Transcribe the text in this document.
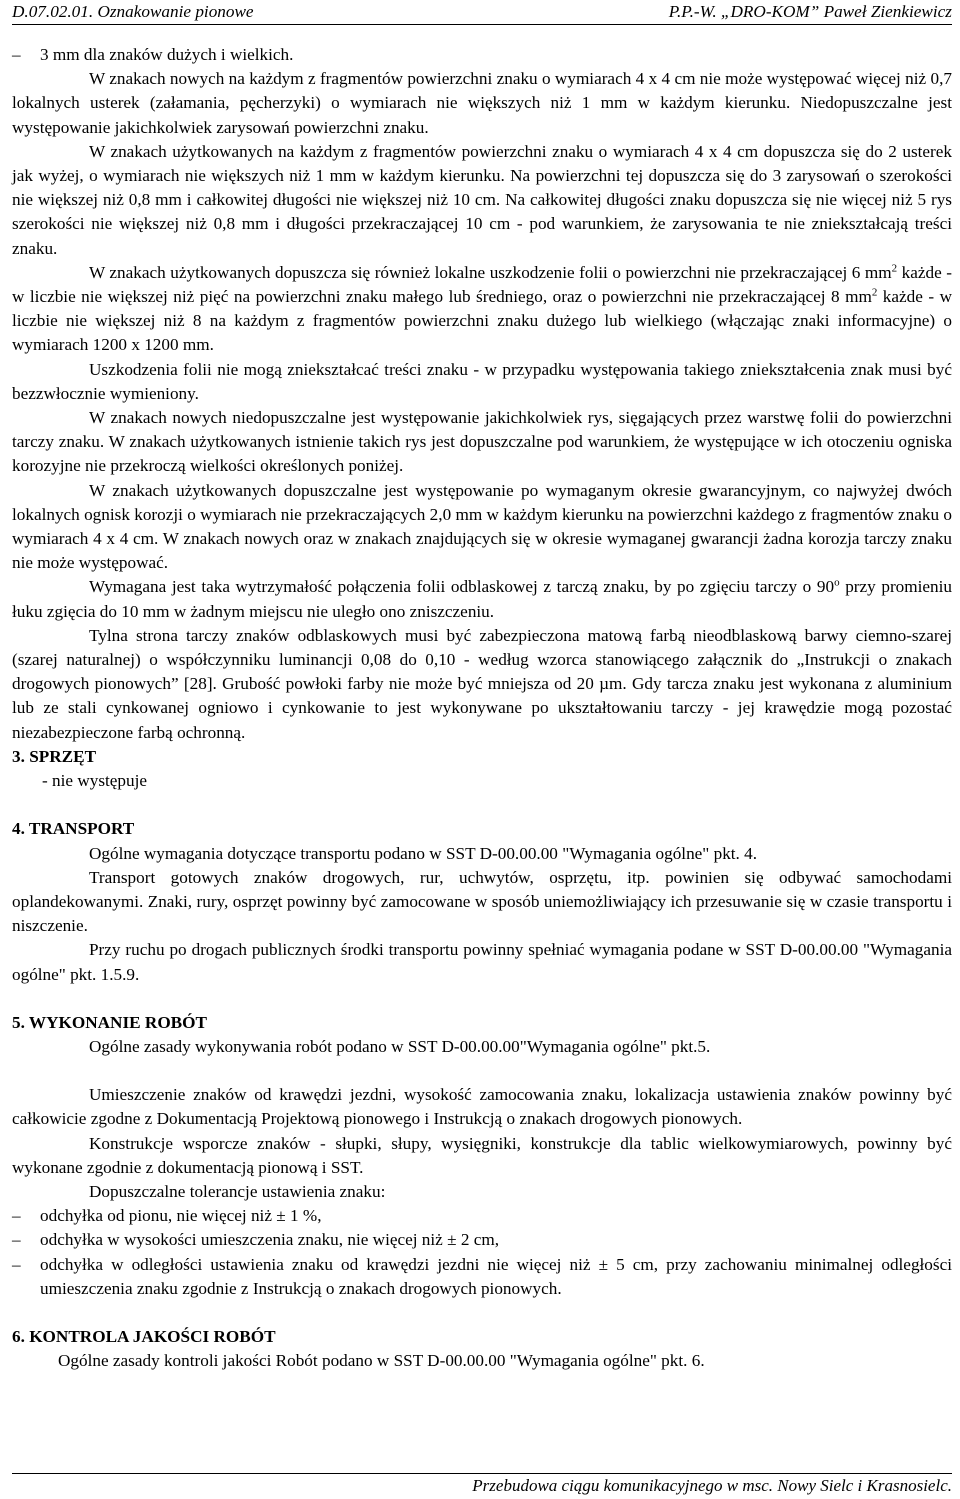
D.07.02.01. Oznakowanie pionowe	P.P.-W. „DRO-KOM” Paweł Zienkiewicz
–	3 mm dla znaków dużych i wielkich.

W znakach nowych na każdym z fragmentów powierzchni znaku o wymiarach 4 x 4 cm nie może występować więcej niż 0,7 lokalnych usterek (załamania, pęcherzyki) o wymiarach nie większych niż 1 mm w każdym kierunku. Niedopuszczalne jest występowanie jakichkolwiek zarysowań powierzchni znaku.

W znakach użytkowanych na każdym z fragmentów powierzchni znaku o wymiarach 4 x 4 cm dopuszcza się do 2 usterek jak wyżej, o wymiarach nie większych niż 1 mm w każdym kierunku. Na powierzchni tej dopuszcza się do 3 zarysowań o szerokości nie większej niż 0,8 mm i całkowitej długości nie większej niż 10 cm. Na całkowitej długości znaku dopuszcza się nie więcej niż 5 rys szerokości nie większej niż 0,8 mm i długości przekraczającej 10 cm - pod warunkiem, że zarysowania te nie zniekształcają treści znaku.

W znakach użytkowanych dopuszcza się również lokalne uszkodzenie folii o powierzchni nie przekraczającej 6 $mm^2$ każde - w liczbie nie większej niż pięć na powierzchni znaku małego lub średniego, oraz o powierzchni nie przekraczającej 8 $mm^2$ każde - w liczbie nie większej niż 8 na każdym z fragmentów powierzchni znaku dużego lub wielkiego (włączając znaki informacyjne) o wymiarach 1200 x 1200 mm.

Uszkodzenia folii nie mogą zniekształcać treści znaku - w przypadku występowania takiego zniekształcenia znak musi być bezzwłocznie wymieniony.

W znakach nowych niedopuszczalne jest występowanie jakichkolwiek rys, sięgających przez warstwę folii do powierzchni tarczy znaku. W znakach użytkowanych istnienie takich rys jest dopuszczalne pod warunkiem, że występujące w ich otoczeniu ogniska korozyjne nie przekroczą wielkości określonych poniżej.

W znakach użytkowanych dopuszczalne jest występowanie po wymaganym okresie gwarancyjnym, co najwyżej dwóch lokalnych ognisk korozji o wymiarach nie przekraczających 2,0 mm w każdym kierunku na powierzchni każdego z fragmentów znaku o wymiarach 4 x 4 cm. W znakach nowych oraz w znakach znajdujących się w okresie wymaganej gwarancji żadna korozja tarczy znaku nie może występować.

Wymagana jest taka wytrzymałość połączenia folii odblaskowej z tarczą znaku, by po zgięciu tarczy o 90$^o$ przy promieniu łuku zgięcia do 10 mm w żadnym miejscu nie uległo ono zniszczeniu.

Tylna strona tarczy znaków odblaskowych musi być zabezpieczona matową farbą nieodblaskową barwy ciemno-szarej (szarej naturalnej) o współczynniku luminancji 0,08 do 0,10 - według wzorca stanowiącego załącznik do „Instrukcji o znakach drogowych pionowych” [28]. Grubość powłoki farby nie może być mniejsza od 20 µm. Gdy tarcza znaku jest wykonana z aluminium lub ze stali cynkowanej ogniowo i cynkowanie to jest wykonywane po ukształtowaniu tarczy - jej krawędzie mogą pozostać niezabezpieczone farbą ochronną.

3. SPRZĘT

- nie występuje

4. TRANSPORT

Ogólne wymagania dotyczące transportu podano w SST D-00.00.00 "Wymagania ogólne" pkt. 4.

Transport gotowych znaków drogowych, rur, uchwytów, osprzętu, itp. powinien się odbywać samochodami oplandekowanymi. Znaki, rury, osprzęt powinny być zamocowane w sposób uniemożliwiający ich przesuwanie się w czasie transportu i niszczenie.

Przy ruchu po drogach publicznych środki transportu powinny spełniać wymagania podane w SST D-00.00.00 "Wymagania ogólne" pkt. 1.5.9.

5. WYKONANIE ROBÓT

Ogólne zasady wykonywania robót podano w SST D-00.00.00"Wymagania ogólne" pkt.5.

Umieszczenie znaków od krawędzi jezdni, wysokość zamocowania znaku, lokalizacja ustawienia znaków powinny być całkowicie zgodne z Dokumentacją Projektową pionowego i Instrukcją o znakach drogowych pionowych.

Konstrukcje wsporcze znaków - słupki, słupy, wysięgniki, konstrukcje dla tablic wielkowymiarowych, powinny być wykonane zgodnie z dokumentacją pionową i SST.

Dopuszczalne tolerancje ustawienia znaku:

–	odchyłka od pionu, nie więcej niż ± 1 %,
–	odchyłka w wysokości umieszczenia znaku, nie więcej niż ± 2 cm,
–	odchyłka w odległości ustawienia znaku od krawędzi jezdni nie więcej niż ± 5 cm, przy zachowaniu minimalnej odległości umieszczenia znaku zgodnie z Instrukcją o znakach drogowych pionowych.

6. KONTROLA JAKOŚCI ROBÓT

Ogólne zasady kontroli jakości Robót podano w SST D-00.00.00 "Wymagania ogólne" pkt. 6.

Przebudowa ciągu komunikacyjnego w msc. Nowy Sielc i Krasnosielc.
